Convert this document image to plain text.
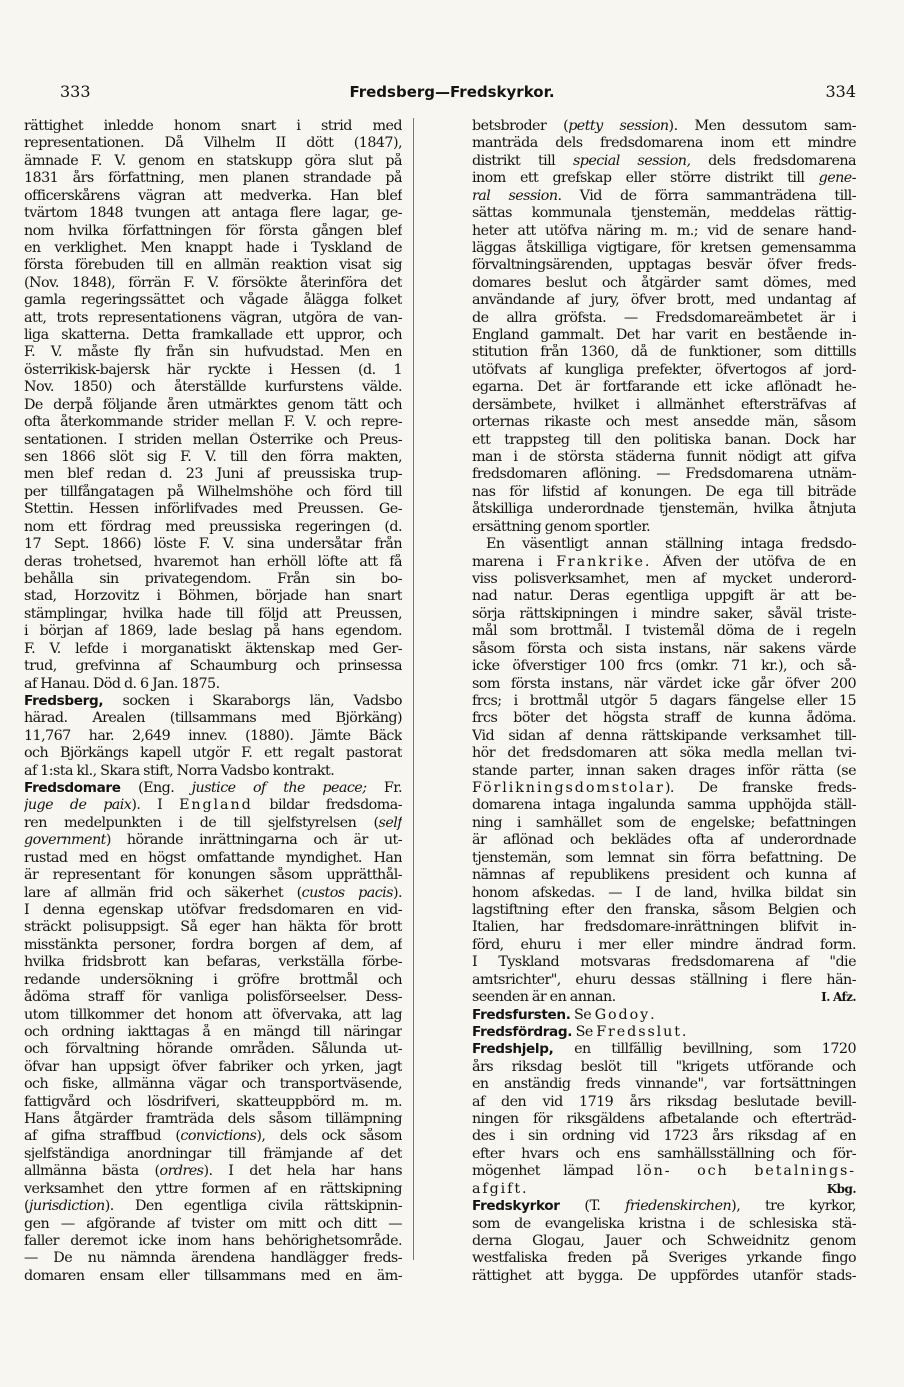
333	Fredsberg—Fredskyrkor.	334
rättighet inledde honom snart i strid med
representationen. Då Vilhelm II dött (1847),
ämnade F. V. genom en statskupp göra slut på
1831 års författning, men planen strandade på
officerskårens vägran att medverka. Han blef
tvärtom 1848 tvungen att antaga flere lagar, ge-
nom hvilka författningen för första gången blef
en verklighet. Men knappt hade i Tyskland de
första förebuden till en allmän reaktion visat sig
(Nov. 1848), förrän F. V. försökte återinföra det
gamla regeringssättet och vågade ålägga folket
att, trots representationens vägran, utgöra de van-
liga skatterna. Detta framkallade ett uppror, och
F. V. måste fly från sin hufvudstad. Men en
österrikisk-bajersk här ryckte i Hessen (d. 1
Nov. 1850) och återställde kurfurstens välde.
De derpå följande åren utmärktes genom tätt och
ofta återkommande strider mellan F. V. och repre-
sentationen. I striden mellan Österrike och Preus-
sen 1866 slöt sig F. V. till den förra makten,
men blef redan d. 23 Juni af preussiska trup-
per tillfångatagen på Wilhelmshöhe och förd till
Stettin. Hessen införlifvades med Preussen. Ge-
nom ett fördrag med preussiska regeringen (d.
17 Sept. 1866) löste F. V. sina undersåtar från
deras trohetsed, hvaremot han erhöll löfte att få
behålla sin privategendom. Från sin bo-
stad, Horzovitz i Böhmen, började han snart
stämplingar, hvilka hade till följd att Preussen,
i början af 1869, lade beslag på hans egendom.
F. V. lefde i morganatiskt äktenskap med Ger-
trud, grefvinna af Schaumburg och prinsessa
af Hanau. Död d. 6 Jan. 1875.
Fredsberg, socken i Skaraborgs län, Vadsbo
härad. Arealen (tillsammans med Björkäng)
11,767 har. 2,649 innev. (1880). Jämte Bäck
och Björkängs kapell utgör F. ett regalt pastorat
af 1:sta kl., Skara stift, Norra Vadsbo kontrakt.
Fredsdomare (Eng. justice of the peace; Fr.
juge de paix). I England bildar fredsdoma-
ren medelpunkten i de till sjelfstyrelsen (self
government) hörande inrättningarna och är ut-
rustad med en högst omfattande myndighet. Han
är representant för konungen såsom upprätthål-
lare af allmän frid och säkerhet (custos pacis).
I denna egenskap utöfvar fredsdomaren en vid-
sträckt polisuppsigt. Så eger han häkta för brott
misstänkta personer, fordra borgen af dem, af
hvilka fridsbrott kan befaras, verkställa förbe-
redande undersökning i gröfre brottmål och
ådöma straff för vanliga polisförseelser. Dess-
utom tillkommer det honom att öfvervaka, att lag
och ordning iakttagas å en mängd till näringar
och förvaltning hörande områden. Sålunda ut-
öfvar han uppsigt öfver fabriker och yrken, jagt
och fiske, allmänna vägar och transportväsende,
fattigvård och lösdrifveri, skatteuppbörd m. m.
Hans åtgärder framträda dels såsom tillämpning
af gifna straffbud (convictions), dels ock såsom
sjelfständiga anordningar till främjande af det
allmänna bästa (ordres). I det hela har hans
verksamhet den yttre formen af en rättskipning
(jurisdiction). Den egentliga civila rättskipnin-
gen — afgörande af tvister om mitt och ditt —
faller deremot icke inom hans behörighetsområde.
— De nu nämnda ärendena handlägger freds-
domaren ensam eller tillsammans med en äm-
betsbroder (petty session). Men dessutom sam-
manträda dels fredsdomarena inom ett mindre
distrikt till special session, dels fredsdomarena
inom ett grefskap eller större distrikt till gene-
ral session. Vid de förra sammanträdena till-
sättas kommunala tjenstemän, meddelas rättig-
heter att utöfva näring m. m.; vid de senare hand-
läggas åtskilliga vigtigare, för kretsen gemensamma
förvaltningsärenden, upptagas besvär öfver freds-
domares beslut och åtgärder samt dömes, med
användande af jury, öfver brott, med undantag af
de allra gröfsta. — Fredsdomareämbetet är i
England gammalt. Det har varit en bestående in-
stitution från 1360, då de funktioner, som dittills
utöfvats af kungliga prefekter, öfvertogos af jord-
egarna. Det är fortfarande ett icke aflönadt he-
dersämbete, hvilket i allmänhet eftersträfvas af
orternas rikaste och mest ansedde män, såsom
ett trappsteg till den politiska banan. Dock har
man i de största städerna funnit nödigt att gifva
fredsdomaren aflöning. — Fredsdomarena utnäm-
nas för lifstid af konungen. De ega till biträde
åtskilliga underordnade tjenstemän, hvilka åtnjuta
ersättning genom sportler.
En väsentligt annan ställning intaga fredsdo-
marena i Frankrike. Äfven der utöfva de en
viss polisverksamhet, men af mycket underord-
nad natur. Deras egentliga uppgift är att be-
sörja rättskipningen i mindre saker, såväl triste-
mål som brottmål. I tvistemål döma de i regeln
såsom första och sista instans, när sakens värde
icke öfverstiger 100 frcs (omkr. 71 kr.), och så-
som första instans, när värdet icke går öfver 200
frcs; i brottmål utgör 5 dagars fängelse eller 15
frcs böter det högsta straff de kunna ådöma.
Vid sidan af denna rättskipande verksamhet till-
hör det fredsdomaren att söka medla mellan tvi-
stande parter, innan saken drages inför rätta (se
Förlikningsdomstolar). De franske freds-
domarena intaga ingalunda samma upphöjda ställ-
ning i samhället som de engelske; befattningen
är aflönad och beklädes ofta af underordnade
tjenstemän, som lemnat sin förra befattning. De
nämnas af republikens president och kunna af
honom afskedas. — I de land, hvilka bildat sin
lagstiftning efter den franska, såsom Belgien och
Italien, har fredsdomare-inrättningen blifvit in-
förd, ehuru i mer eller mindre ändrad form.
I Tyskland motsvaras fredsdomarena af "die
amtsrichter", ehuru dessas ställning i flere hän-
seenden är en annan.	I. Afz.
Fredsfursten. Se Godoy.
Fredsfördrag. Se Fredsslut.
Fredshjelp, en tillfällig bevillning, som 1720
års riksdag beslöt till "krigets utförande och
en anständig freds vinnande", var fortsättningen
af den vid 1719 års riksdag beslutade bevill-
ningen för riksgäldens afbetalande och efterträd-
des i sin ordning vid 1723 års riksdag af en
efter hvars och ens samhällsställning och för-
mögenhet lämpad lön- och betalnings-
afgift.	Kbg.
Fredskyrkor (T. friedenskirchen), tre kyrkor,
som de evangeliska kristna i de schlesiska stä-
derna Glogau, Jauer och Schweidnitz genom
westfaliska freden på Sveriges yrkande fingo
rättighet att bygga. De uppfördes utanför stads-
